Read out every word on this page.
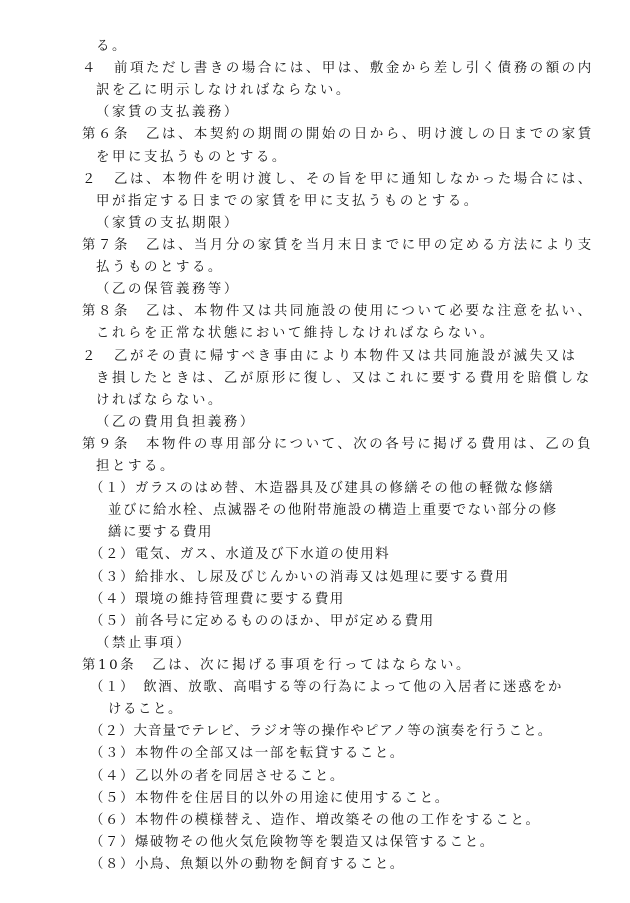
る。
４　前項ただし書きの場合には、甲は、敷金から差し引く債務の額の内
訳を乙に明示しなければならない。
（家賃の支払義務）
第６条　乙は、本契約の期間の開始の日から、明け渡しの日までの家賃
を甲に支払うものとする。
２　乙は、本物件を明け渡し、その旨を甲に通知しなかった場合には、
甲が指定する日までの家賃を甲に支払うものとする。
（家賃の支払期限）
第７条　乙は、当月分の家賃を当月末日までに甲の定める方法により支
払うものとする。
（乙の保管義務等）
第８条　乙は、本物件又は共同施設の使用について必要な注意を払い、
これらを正常な状態において維持しなければならない。
２　乙がその責に帰すべき事由により本物件又は共同施設が滅失又は
き損したときは、乙が原形に復し、又はこれに要する費用を賠償しな
ければならない。
（乙の費用負担義務）
第９条　本物件の専用部分について、次の各号に掲げる費用は、乙の負
担とする。
（１）ガラスのはめ替、木造器具及び建具の修繕その他の軽微な修繕
並びに給水栓、点滅器その他附帯施設の構造上重要でない部分の修
繕に要する費用
（２）電気、ガス、水道及び下水道の使用料
（３）給排水、し尿及びじんかいの消毒又は処理に要する費用
（４）環境の維持管理費に要する費用
（５）前各号に定めるもののほか、甲が定める費用
（禁止事項）
第10条　乙は、次に掲げる事項を行ってはならない。
（１）　飲酒、放歌、高唱する等の行為によって他の入居者に迷惑をか
けること。
（２）大音量でテレビ、ラジオ等の操作やピアノ等の演奏を行うこと。
（３）本物件の全部又は一部を転貸すること。
（４）乙以外の者を同居させること。
（５）本物件を住居目的以外の用途に使用すること。
（６）本物件の模様替え、造作、増改築その他の工作をすること。
（７）爆破物その他火気危険物等を製造又は保管すること。
（８）小鳥、魚類以外の動物を飼育すること。
